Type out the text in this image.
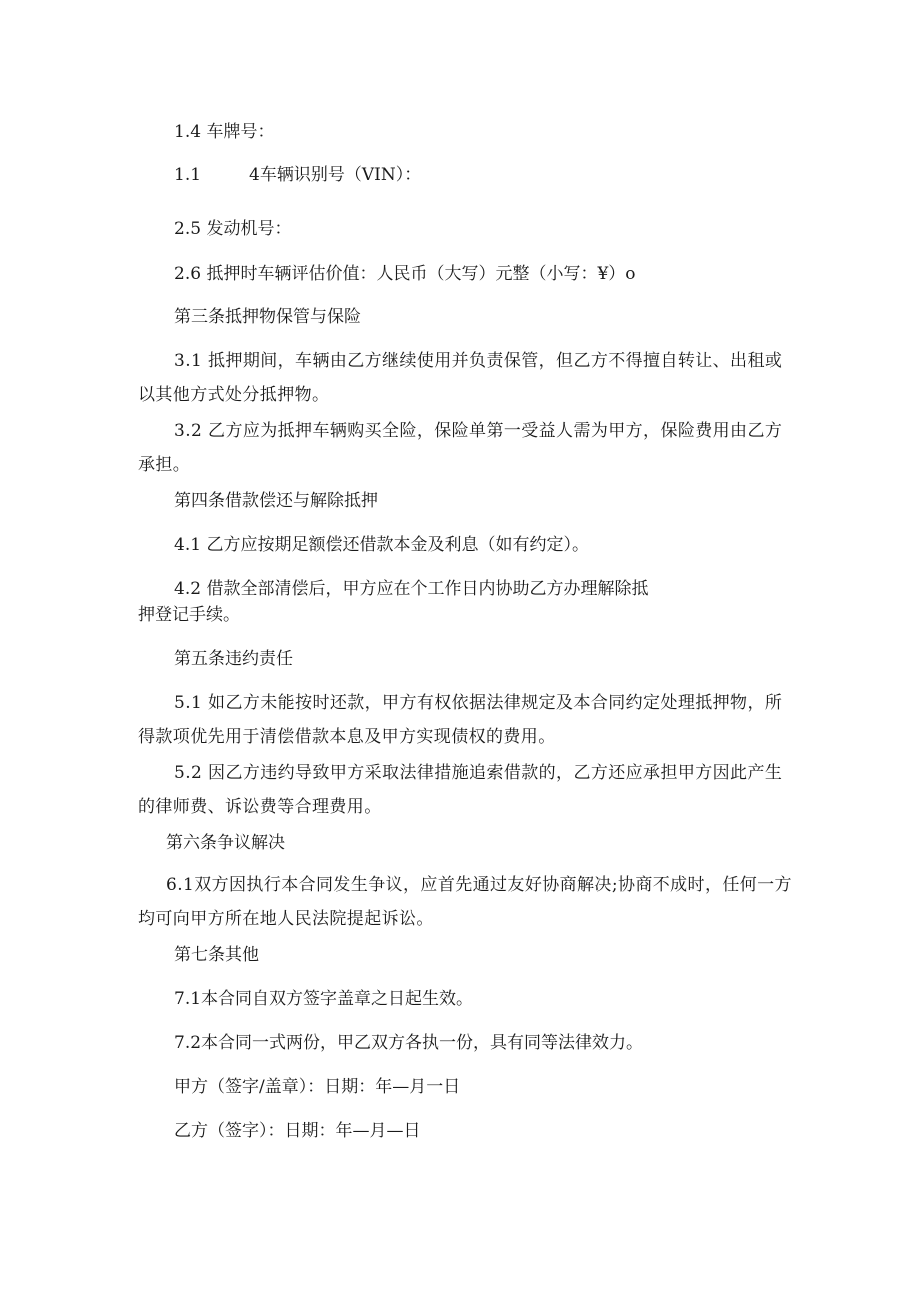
1.4 车牌号：

1.1	4车辆识别号（VIN）：

2.5 发动机号：

2.6 抵押时车辆评估价值：人民币（大写）元整（小写：¥）o

第三条抵押物保管与保险

3.1 抵押期间，车辆由乙方继续使用并负责保管，但乙方不得擅自转让、出租或以其他方式处分抵押物。

3.2 乙方应为抵押车辆购买全险，保险单第一受益人需为甲方，保险费用由乙方承担。

第四条借款偿还与解除抵押

4.1 乙方应按期足额偿还借款本金及利息（如有约定）。

4.2 借款全部清偿后，甲方应在个工作日内协助乙方办理解除抵

押登记手续。

第五条违约责任

5.1 如乙方未能按时还款，甲方有权依据法律规定及本合同约定处理抵押物，所得款项优先用于清偿借款本息及甲方实现债权的费用。

5.2 因乙方违约导致甲方采取法律措施追索借款的，乙方还应承担甲方因此产生的律师费、诉讼费等合理费用。

第六条争议解决

6.1双方因执行本合同发生争议，应首先通过友好协商解决;协商不成时，任何一方均可向甲方所在地人民法院提起诉讼。

第七条其他

7.1本合同自双方签字盖章之日起生效。

7.2本合同一式两份，甲乙双方各执一份，具有同等法律效力。

甲方（签字/盖章）：日期：年—月一日

乙方（签字）：日期：年—月—日
